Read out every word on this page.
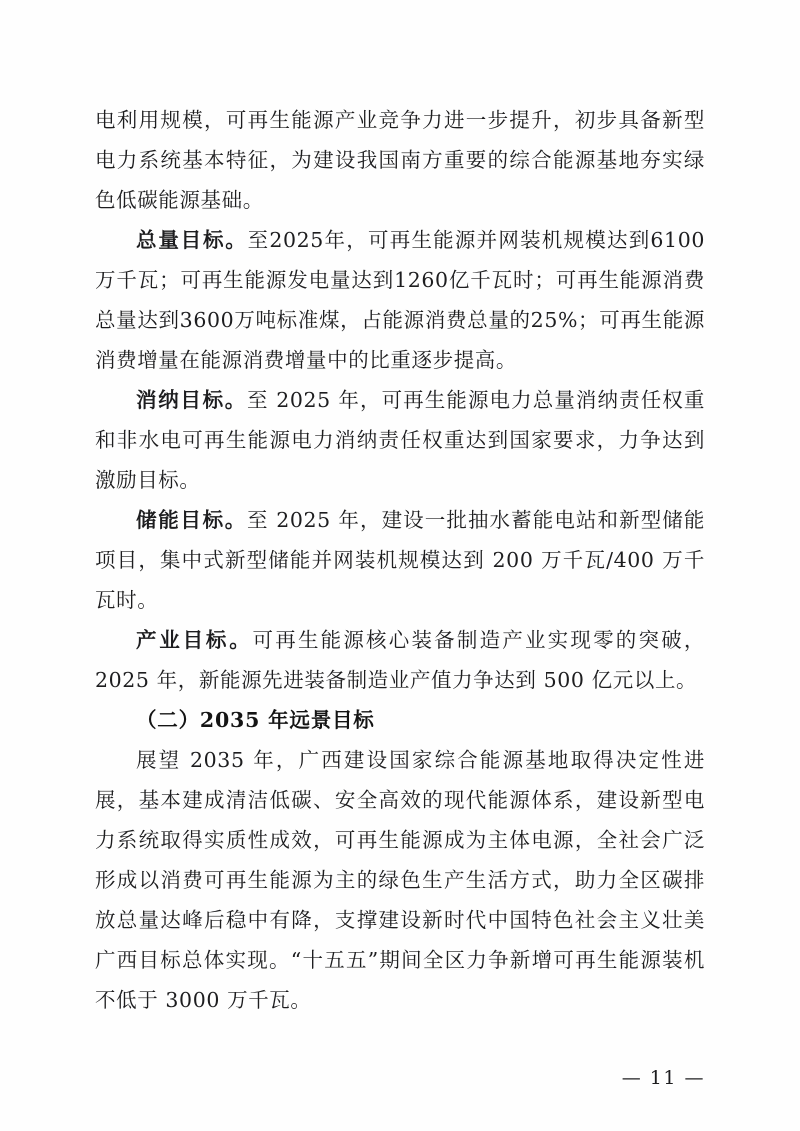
电利用规模，可再生能源产业竞争力进一步提升，初步具备新型电力系统基本特征，为建设我国南方重要的综合能源基地夯实绿色低碳能源基础。

总量目标。至2025年，可再生能源并网装机规模达到6100万千瓦；可再生能源发电量达到1260亿千瓦时；可再生能源消费总量达到3600万吨标准煤，占能源消费总量的25%；可再生能源消费增量在能源消费增量中的比重逐步提高。

消纳目标。至 2025 年，可再生能源电力总量消纳责任权重和非水电可再生能源电力消纳责任权重达到国家要求，力争达到激励目标。

储能目标。至 2025 年，建设一批抽水蓄能电站和新型储能项目，集中式新型储能并网装机规模达到 200 万千瓦/400 万千瓦时。

产业目标。可再生能源核心装备制造产业实现零的突破，2025 年，新能源先进装备制造业产值力争达到 500 亿元以上。

（二）2035 年远景目标

展望 2035 年，广西建设国家综合能源基地取得决定性进展，基本建成清洁低碳、安全高效的现代能源体系，建设新型电力系统取得实质性成效，可再生能源成为主体电源，全社会广泛形成以消费可再生能源为主的绿色生产生活方式，助力全区碳排放总量达峰后稳中有降，支撑建设新时代中国特色社会主义壮美广西目标总体实现。“十五五”期间全区力争新增可再生能源装机不低于 3000 万千瓦。

— 11 —
